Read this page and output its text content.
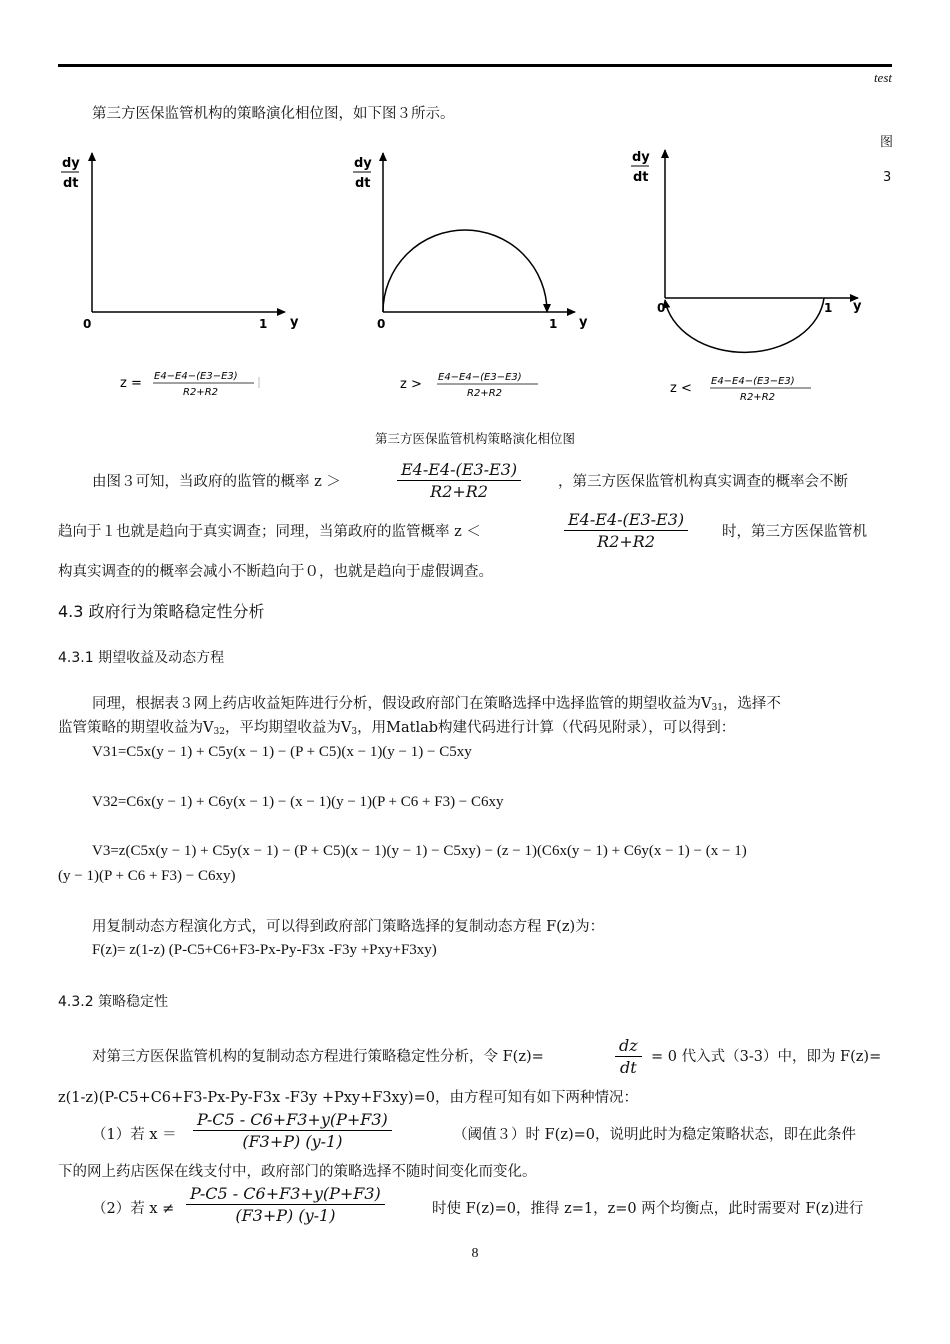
test
第三方医保监管机构的策略演化相位图，如下图３所示。
图
3
dy
dt
0	1 y
z = E4−E4−(E3−E3)
R2+R2
dy
dt
0	1 y
z > E4−E4−(E3−E3)
R2+R2
dy
dt
0	1 y
z < E4−E4−(E3−E3)
R2+R2
第三方医保监管机构策略演化相位图
由图３可知，当政府的监管的概率 z ＞
E4-E4-(E3-E3)
R2+R2	，第三方医保监管机构真实调查的概率会不断
趋向于１也就是趋向于真实调查；同理，当第政府的监管概率 z ＜
E4-E4-(E3-E3)
R2+R2	时，第三方医保监管机
构真实调查的的概率会减小不断趋向于０，也就是趋向于虚假调查。
4.3 政府行为策略稳定性分析
4.3.1 期望收益及动态方程
同理，根据表３网上药店收益矩阵进行分析，假设政府部门在策略选择中选择监管的期望收益为$V_{31}$，选择不
监管策略的期望收益为$V_{32}$，平均期望收益为$V_3$，用Matlab构建代码进行计算（代码见附录），可以得到：
V31=C5x(y − 1) + C5y(x − 1) − (P + C5)(x − 1)(y − 1) − C5xy
V32=C6x(y − 1) + C6y(x − 1) − (x − 1)(y − 1)(P + C6 + F3) − C6xy
V3=z(C5x(y − 1) + C5y(x − 1) − (P + C5)(x − 1)(y − 1) − C5xy) − (z − 1)(C6x(y − 1) + C6y(x − 1) − (x − 1)
(y − 1)(P + C6 + F3) − C6xy)
用复制动态方程演化方式，可以得到政府部门策略选择的复制动态方程 F(z)为：
F(z)= z(1-z) (P-C5+C6+F3-Px-Py-F3x -F3y +Pxy+F3xy)
4.3.2 策略稳定性
对第三方医保监管机构的复制动态方程进行策略稳定性分析，令 F(z)=
dz
dt
= 0 代入式（3-3）中，即为 F(z)=
z(1-z)(P-C5+C6+F3-Px-Py-F3x -F3y +Pxy+F3xy)=0，由方程可知有如下两种情况：
（1）若 x ＝
P-C5 - C6+F3+y(P+F3)
(F3+P) (y-1)	（阈值３）时 F(z)=0，说明此时为稳定策略状态，即在此条件
下的网上药店医保在线支付中，政府部门的策略选择不随时间变化而变化。
（2）若 x ≠
P-C5 - C6+F3+y(P+F3)
(F3+P) (y-1)	时使 F(z)=0，推得 z=1，z=0 两个均衡点，此时需要对 F(z)进行
8
